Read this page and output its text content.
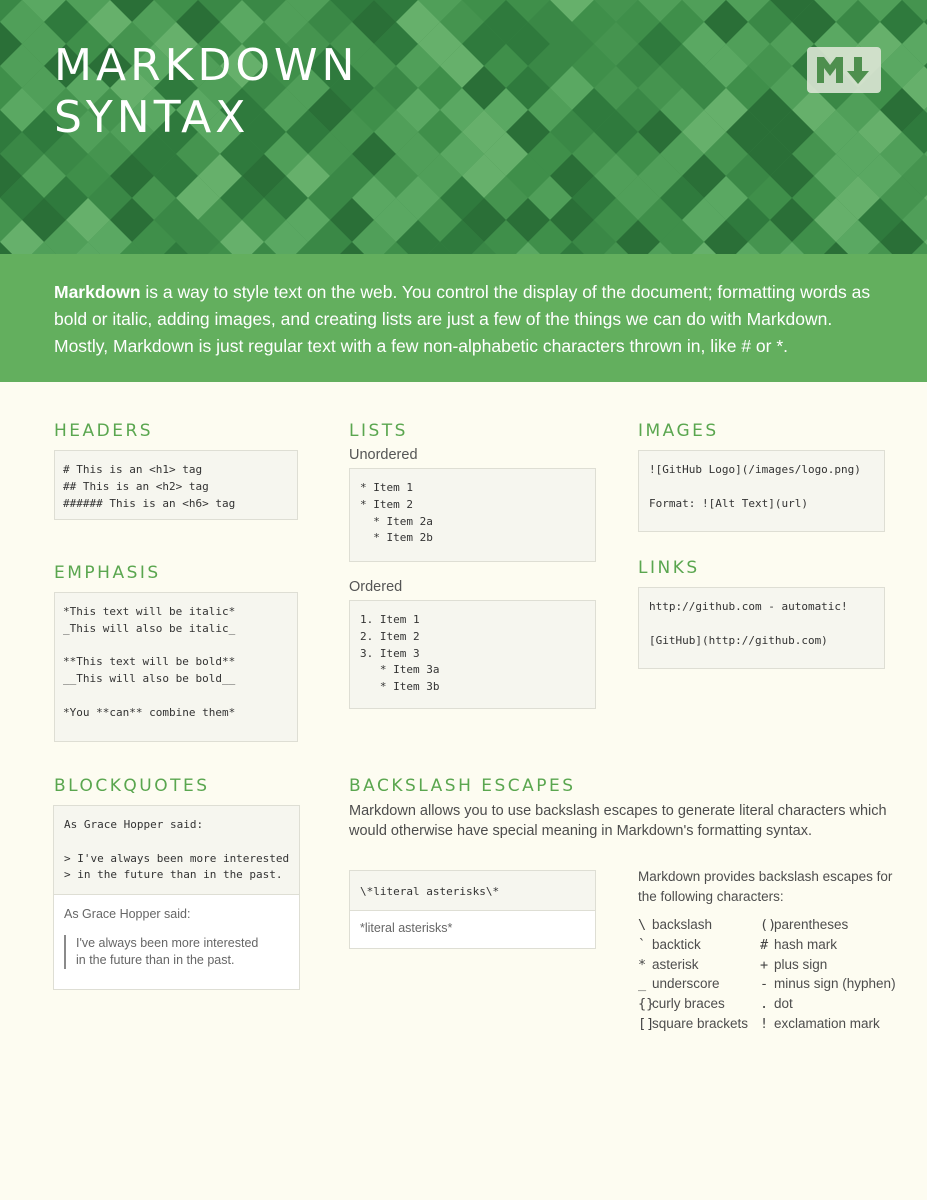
MARKDOWN
SYNTAX
Markdown is a way to style text on the web. You control the display of the document; formatting words as bold or italic, adding images, and creating lists are just a few of the things we can do with Markdown. Mostly, Markdown is just regular text with a few non-alphabetic characters thrown in, like # or *.
HEADERS
# This is an <h1> tag
## This is an <h2> tag
###### This is an <h6> tag
EMPHASIS
*This text will be italic*
_This will also be italic_

**This text will be bold**
__This will also be bold__

*You **can** combine them*
LISTS
Unordered
* Item 1
* Item 2
* Item 2a
* Item 2b
Ordered
1. Item 1
2. Item 2
3. Item 3
* Item 3a
* Item 3b
IMAGES
![GitHub Logo](/images/logo.png)

Format: ![Alt Text](url)
LINKS
http://github.com - automatic!

[GitHub](http://github.com)
BLOCKQUOTES
As Grace Hopper said:

> I've always been more interested
> in the future than in the past.
As Grace Hopper said:
I've always been more interested in the future than in the past.
BACKSLASH ESCAPES
Markdown allows you to use backslash escapes to generate literal characters which would otherwise have special meaning in Markdown's formatting syntax.
\*literal asterisks\*
*literal asterisks*
Markdown provides backslash escapes for the following characters:
\ backslash
` backtick
* asterisk
_ underscore
{}curly braces
[]square brackets
()parentheses
# hash mark
+ plus sign
- minus sign (hyphen)
. dot
! exclamation mark
